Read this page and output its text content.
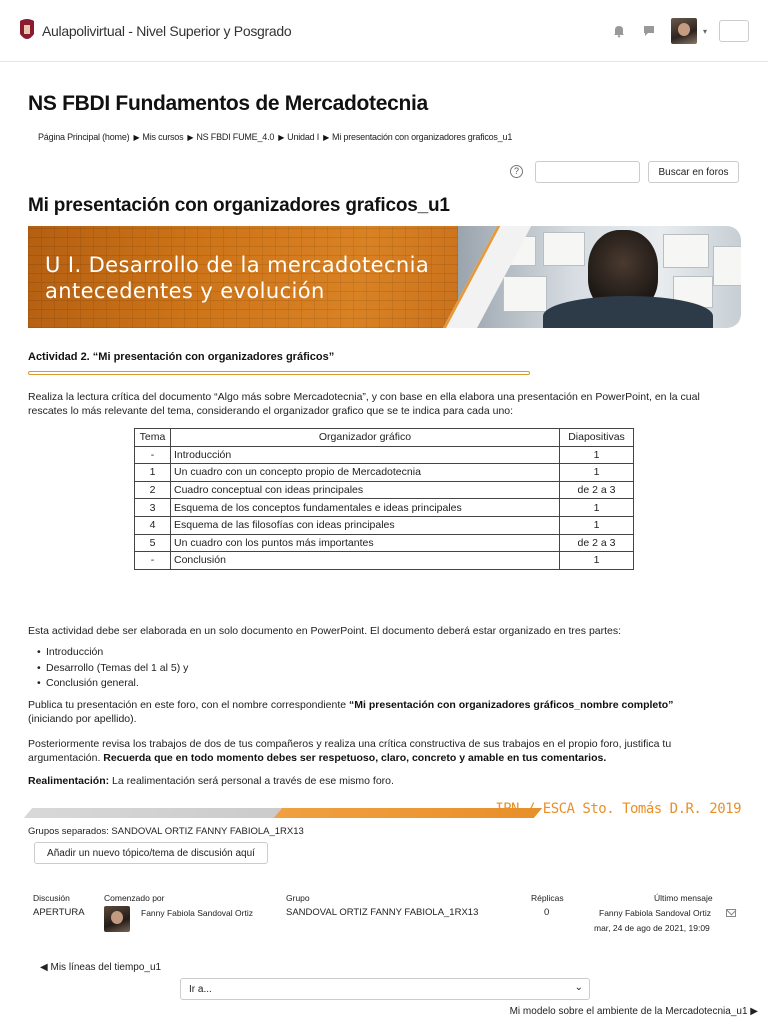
Aulapolivirtual - Nivel Superior y Posgrado	▾
NS FBDI Fundamentos de Mercadotecnia
Página Principal (home) ▶ Mis cursos ▶ NS FBDI FUME_4.0 ▶ Unidad I ▶ Mi presentación con organizadores graficos_u1
?	Buscar en foros
Mi presentación con organizadores graficos_u1
U I. Desarrollo de la mercadotecnia
antecedentes y evolución
Actividad 2. “Mi presentación con organizadores gráficos”

Realiza la lectura crítica del documento “Algo más sobre Mercadotecnia”, y con base en ella elabora una presentación en PowerPoint, en la cual rescates lo más relevante del tema, considerando el organizador grafico que se te indica para cada uno:

Tema	Organizador gráfico	Diapositivas
-	Introducción	1
1	Un cuadro con un concepto propio de Mercadotecnia	1
2	Cuadro conceptual con ideas principales	de 2 a 3
3	Esquema de los conceptos fundamentales e ideas principales	1
4	Esquema de las filosofías con ideas principales	1
5	Un cuadro con los puntos más importantes	de 2 a 3
-	Conclusión	1

Esta actividad debe ser elaborada en un solo documento en PowerPoint. El documento deberá estar organizado en tres partes:

• Introducción
• Desarrollo (Temas del 1 al 5) y
• Conclusión general.

Publica tu presentación en este foro, con el nombre correspondiente “Mi presentación con organizadores gráficos_nombre completo” (iniciando por apellido).

Posteriormente revisa los trabajos de dos de tus compañeros y realiza una crítica constructiva de sus trabajos en el propio foro, justifica tu argumentación. Recuerda que en todo momento debes ser respetuoso, claro, concreto y amable en tus comentarios.

Realimentación: La realimentación será personal a través de ese mismo foro.

IPN / ESCA Sto. Tomás D.R. 2019
Grupos separados: SANDOVAL ORTIZ FANNY FABIOLA_1RX13
Añadir un nuevo tópico/tema de discusión aquí
Discusión	Comenzado por	Grupo	Réplicas	Último mensaje
APERTURA	Fanny Fabiola Sandoval Ortiz	SANDOVAL ORTIZ FANNY FABIOLA_1RX13	0	Fanny Fabiola Sandoval Ortiz
mar, 24 de ago de 2021, 19:09
◀ Mis líneas del tiempo_u1
Ir a...	⌄
Mi modelo sobre el ambiente de la Mercadotecnia_u1 ▶
